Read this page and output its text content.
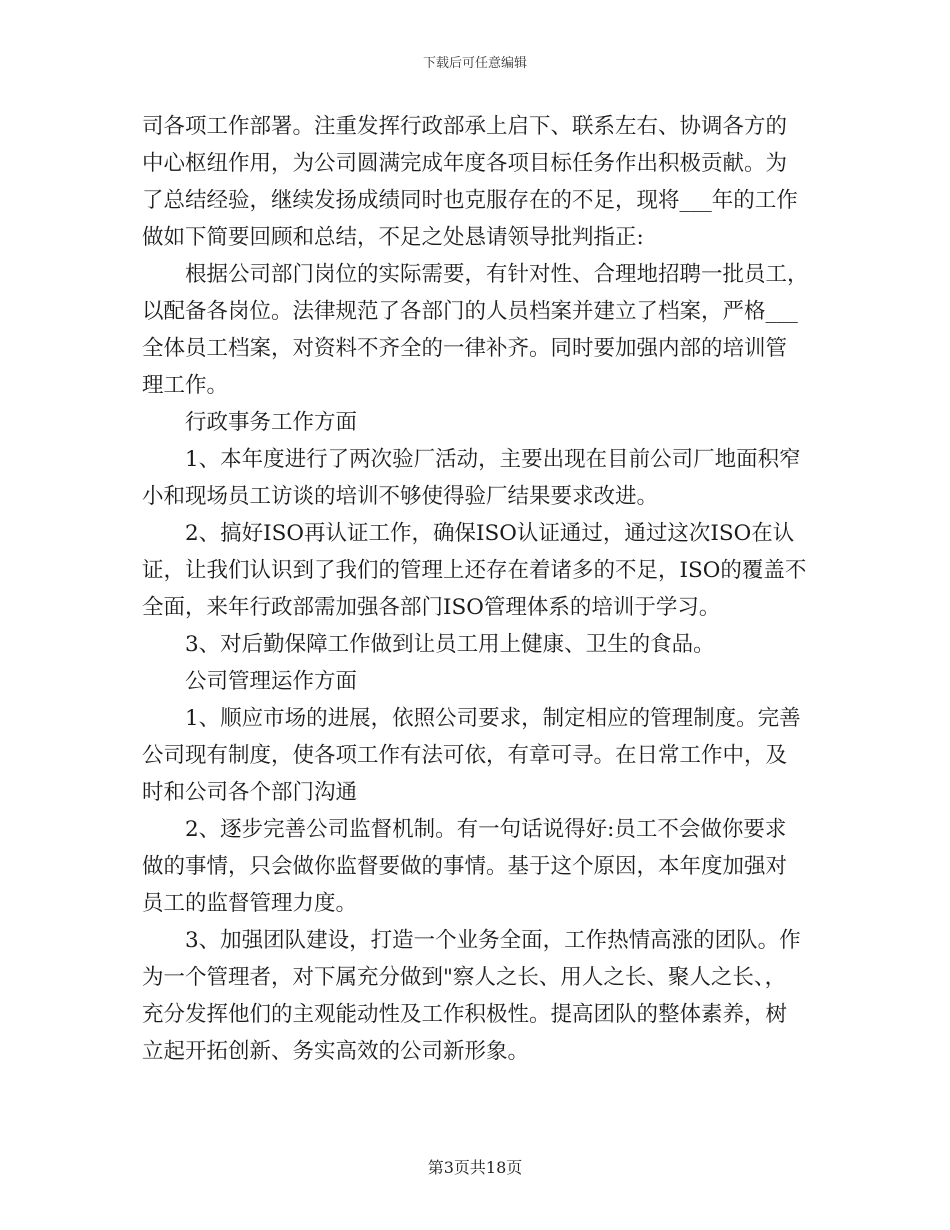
下载后可任意编辑
司各项工作部署。注重发挥行政部承上启下、联系左右、协调各方的
中心枢纽作用，为公司圆满完成年度各项目标任务作出积极贡献。为
了总结经验，继续发扬成绩同时也克服存在的不足，现将___年的工作
做如下简要回顾和总结，不足之处恳请领导批判指正:
根据公司部门岗位的实际需要，有针对性、合理地招聘一批员工，
以配备各岗位。法律规范了各部门的人员档案并建立了档案，严格___
全体员工档案，对资料不齐全的一律补齐。同时要加强内部的培训管
理工作。
行政事务工作方面
1、本年度进行了两次验厂活动，主要出现在目前公司厂地面积窄
小和现场员工访谈的培训不够使得验厂结果要求改进。
2、搞好ISO再认证工作，确保ISO认证通过，通过这次ISO在认
证，让我们认识到了我们的管理上还存在着诸多的不足，ISO的覆盖不
全面，来年行政部需加强各部门ISO管理体系的培训于学习。
3、对后勤保障工作做到让员工用上健康、卫生的食品。
公司管理运作方面
1、顺应市场的进展，依照公司要求，制定相应的管理制度。完善
公司现有制度，使各项工作有法可依，有章可寻。在日常工作中，及
时和公司各个部门沟通
2、逐步完善公司监督机制。有一句话说得好:员工不会做你要求
做的事情，只会做你监督要做的事情。基于这个原因，本年度加强对
员工的监督管理力度。
3、加强团队建设，打造一个业务全面，工作热情高涨的团队。作
为一个管理者，对下属充分做到"察人之长、用人之长、聚人之长、，
充分发挥他们的主观能动性及工作积极性。提高团队的整体素养，树
立起开拓创新、务实高效的公司新形象。
第3页共18页
